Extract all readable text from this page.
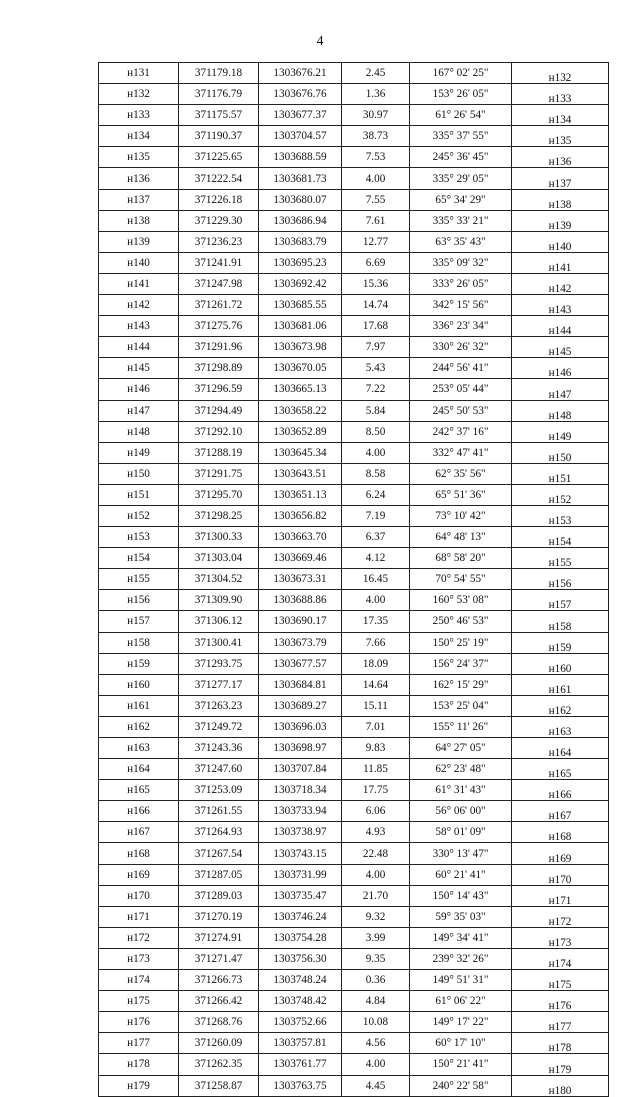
4
н131	371179.18	1303676.21	2.45	167° 02' 25"	н132
н132	371176.79	1303676.76	1.36	153° 26' 05"	н133
н133	371175.57	1303677.37	30.97	61° 26' 54"	н134
н134	371190.37	1303704.57	38.73	335° 37' 55"	н135
н135	371225.65	1303688.59	7.53	245° 36' 45"	н136
н136	371222.54	1303681.73	4.00	335° 29' 05"	н137
н137	371226.18	1303680.07	7.55	65° 34' 29"	н138
н138	371229.30	1303686.94	7.61	335° 33' 21"	н139
н139	371236.23	1303683.79	12.77	63° 35' 43"	н140
н140	371241.91	1303695.23	6.69	335° 09' 32"	н141
н141	371247.98	1303692.42	15.36	333° 26' 05"	н142
н142	371261.72	1303685.55	14.74	342° 15' 56"	н143
н143	371275.76	1303681.06	17.68	336° 23' 34"	н144
н144	371291.96	1303673.98	7.97	330° 26' 32"	н145
н145	371298.89	1303670.05	5.43	244° 56' 41"	н146
н146	371296.59	1303665.13	7.22	253° 05' 44"	н147
н147	371294.49	1303658.22	5.84	245° 50' 53"	н148
н148	371292.10	1303652.89	8.50	242° 37' 16"	н149
н149	371288.19	1303645.34	4.00	332° 47' 41"	н150
н150	371291.75	1303643.51	8.58	62° 35' 56"	н151
н151	371295.70	1303651.13	6.24	65° 51' 36"	н152
н152	371298.25	1303656.82	7.19	73° 10' 42"	н153
н153	371300.33	1303663.70	6.37	64° 48' 13"	н154
н154	371303.04	1303669.46	4.12	68° 58' 20"	н155
н155	371304.52	1303673.31	16.45	70° 54' 55"	н156
н156	371309.90	1303688.86	4.00	160° 53' 08"	н157
н157	371306.12	1303690.17	17.35	250° 46' 53"	н158
н158	371300.41	1303673.79	7.66	150° 25' 19"	н159
н159	371293.75	1303677.57	18.09	156° 24' 37"	н160
н160	371277.17	1303684.81	14.64	162° 15' 29"	н161
н161	371263.23	1303689.27	15.11	153° 25' 04"	н162
н162	371249.72	1303696.03	7.01	155° 11' 26"	н163
н163	371243.36	1303698.97	9.83	64° 27' 05"	н164
н164	371247.60	1303707.84	11.85	62° 23' 48"	н165
н165	371253.09	1303718.34	17.75	61° 31' 43"	н166
н166	371261.55	1303733.94	6.06	56° 06' 00"	н167
н167	371264.93	1303738.97	4.93	58° 01' 09"	н168
н168	371267.54	1303743.15	22.48	330° 13' 47"	н169
н169	371287.05	1303731.99	4.00	60° 21' 41"	н170
н170	371289.03	1303735.47	21.70	150° 14' 43"	н171
н171	371270.19	1303746.24	9.32	59° 35' 03"	н172
н172	371274.91	1303754.28	3.99	149° 34' 41"	н173
н173	371271.47	1303756.30	9.35	239° 32' 26"	н174
н174	371266.73	1303748.24	0.36	149° 51' 31"	н175
н175	371266.42	1303748.42	4.84	61° 06' 22"	н176
н176	371268.76	1303752.66	10.08	149° 17' 22"	н177
н177	371260.09	1303757.81	4.56	60° 17' 10"	н178
н178	371262.35	1303761.77	4.00	150° 21' 41"	н179
н179	371258.87	1303763.75	4.45	240° 22' 58"	н180
